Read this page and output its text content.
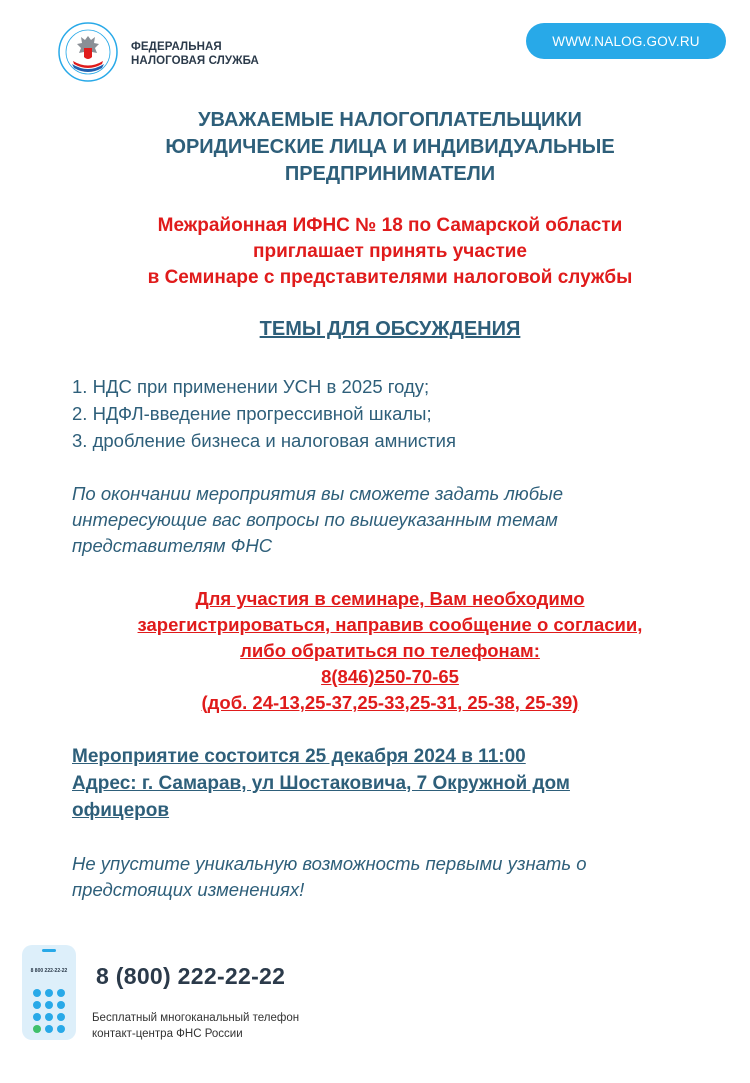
ФЕДЕРАЛЬНАЯ
НАЛОГОВАЯ СЛУЖБА
WWW.NALOG.GOV.RU
УВАЖАЕМЫЕ НАЛОГОПЛАТЕЛЬЩИКИ
ЮРИДИЧЕСКИЕ ЛИЦА И ИНДИВИДУАЛЬНЫЕ
ПРЕДПРИНИМАТЕЛИ
Межрайонная ИФНС № 18 по Самарской области
приглашает принять участие
в Семинаре с представителями налоговой службы
ТЕМЫ ДЛЯ ОБСУЖДЕНИЯ
1. НДС при применении УСН в 2025 году;
2. НДФЛ-введение прогрессивной шкалы;
3. дробление бизнеса и налоговая амнистия
По окончании мероприятия вы сможете задать любые
интересующие вас вопросы по вышеуказанным темам
представителям ФНС
Для участия в семинаре, Вам необходимо
зарегистрироваться, направив сообщение о согласии,
либо обратиться по телефонам:
8(846)250-70-65
(доб. 24-13,25-37,25-33,25-31, 25-38, 25-39)
Мероприятие состоится 25 декабря 2024 в 11:00
Адрес: г. Самарав, ул Шостаковича, 7 Окружной дом
офицеров
Не упустите уникальную возможность первыми узнать о
предстоящих изменениях!
8 800 222-22-22	8 (800) 222-22-22
Бесплатный многоканальный телефон
контакт-центра ФНС России
